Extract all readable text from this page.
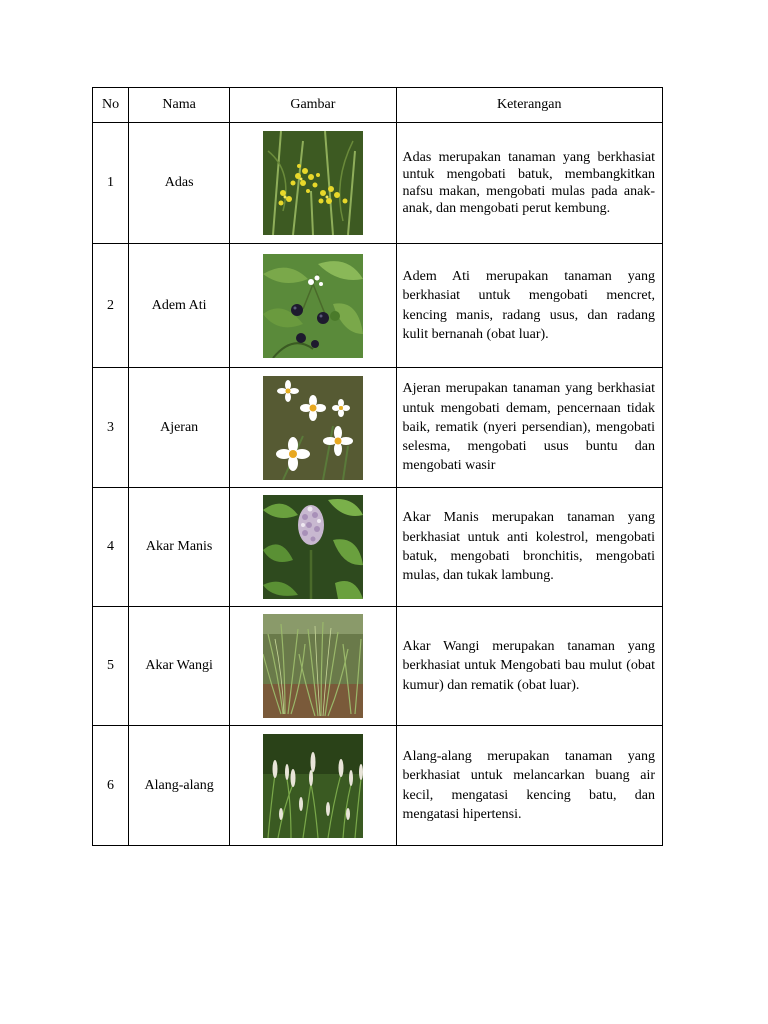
No	Nama	Gambar	Keterangan
1	Adas		Adas merupakan tanaman yang berkhasiat untuk mengobati batuk, membangkitkan nafsu makan, mengobati mulas pada anak-anak, dan mengobati perut kembung.
2	Adem Ati		Adem Ati merupakan tanaman yang berkhasiat untuk mengobati mencret, kencing manis, radang usus, dan radang kulit bernanah (obat luar).
3	Ajeran		Ajeran merupakan tanaman yang berkhasiat untuk mengobati demam, pencernaan tidak baik, rematik (nyeri persendian), mengobati selesma, mengobati usus buntu dan mengobati wasir
4	Akar Manis		Akar Manis merupakan tanaman yang berkhasiat untuk anti kolestrol, mengobati batuk, mengobati bronchitis, mengobati mulas, dan tukak lambung.
5	Akar Wangi		Akar Wangi merupakan tanaman yang berkhasiat untuk Mengobati bau mulut (obat kumur) dan rematik (obat luar).
6	Alang-alang		Alang-alang merupakan tanaman yang berkhasiat untuk melancarkan buang air kecil, mengatasi kencing batu, dan mengatasi hipertensi.
